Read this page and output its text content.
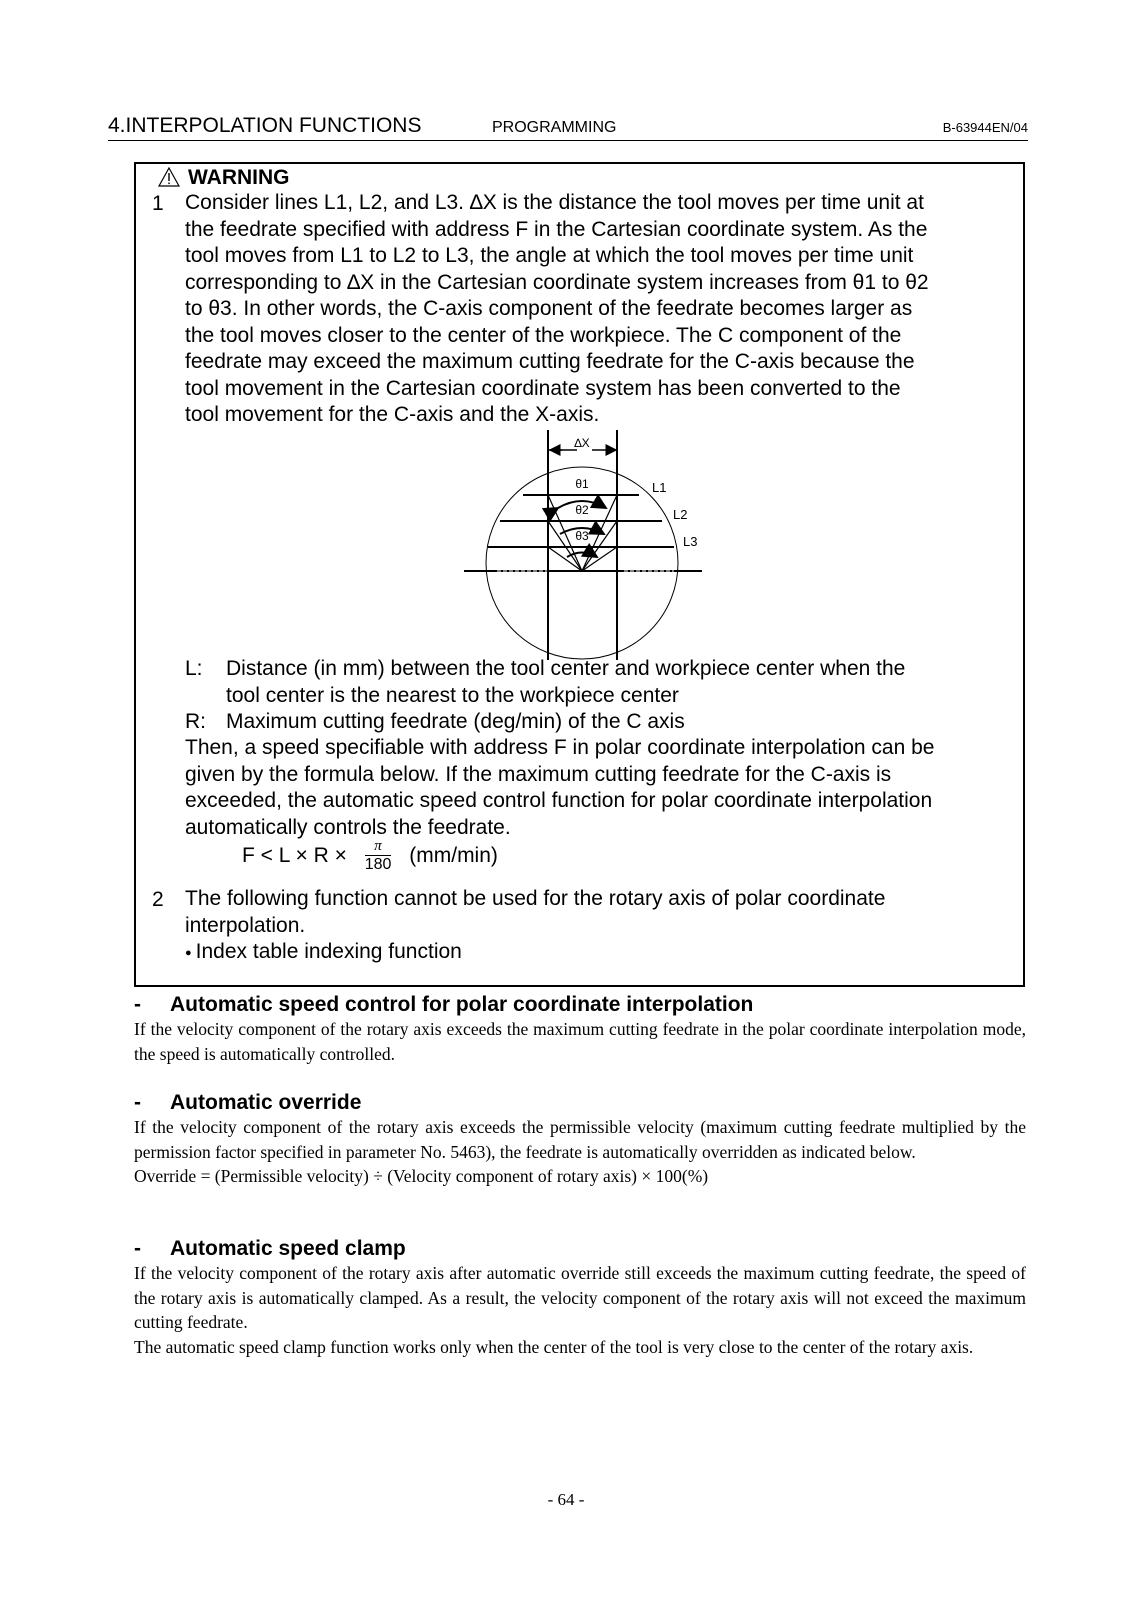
4.INTERPOLATION FUNCTIONS	PROGRAMMING	B-63944EN/04
WARNING
1 Consider lines L1, L2, and L3. ∆X is the distance the tool moves per time unit at
the feedrate specified with address F in the Cartesian coordinate system. As the
tool moves from L1 to L2 to L3, the angle at which the tool moves per time unit
corresponding to ∆X in the Cartesian coordinate system increases from θ1 to θ2
to θ3. In other words, the C-axis component of the feedrate becomes larger as
the tool moves closer to the center of the workpiece. The C component of the
feedrate may exceed the maximum cutting feedrate for the C-axis because the
tool movement in the Cartesian coordinate system has been converted to the
tool movement for the C-axis and the X-axis.
∆X
θ1
θ2
θ3
L1
L2
L3
L: Distance (in mm) between the tool center and workpiece center when the
tool center is the nearest to the workpiece center
R: Maximum cutting feedrate (deg/min) of the C axis
Then, a speed specifiable with address F in polar coordinate interpolation can be
given by the formula below. If the maximum cutting feedrate for the C-axis is
exceeded, the automatic speed control function for polar coordinate interpolation
automatically controls the feedrate.
$F < L \times R \times \frac{\pi}{180} (mm/\min)$
2 The following function cannot be used for the rotary axis of polar coordinate
interpolation.
● Index table indexing function
- Automatic speed control for polar coordinate interpolation

If the velocity component of the rotary axis exceeds the maximum cutting feedrate in the polar coordinate interpolation mode, the speed is automatically controlled.

- Automatic override

If the velocity component of the rotary axis exceeds the permissible velocity (maximum cutting feedrate multiplied by the permission factor specified in parameter No. 5463), the feedrate is automatically overridden as indicated below.

Override = (Permissible velocity) ÷ (Velocity component of rotary axis) × 100(%)

- Automatic speed clamp

If the velocity component of the rotary axis after automatic override still exceeds the maximum cutting feedrate, the speed of the rotary axis is automatically clamped. As a result, the velocity component of the rotary axis will not exceed the maximum cutting feedrate.

The automatic speed clamp function works only when the center of the tool is very close to the center of the rotary axis.

- 64 -
